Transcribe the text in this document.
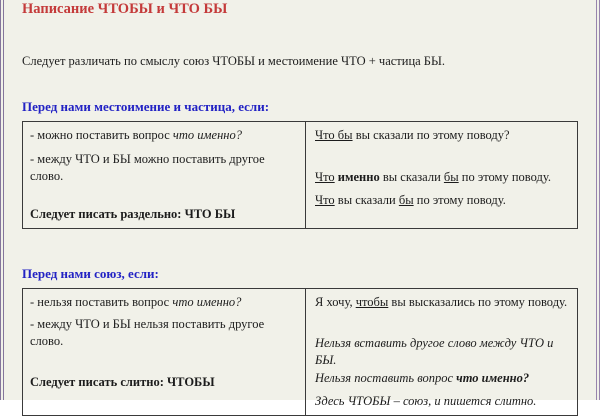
Написание ЧТОБЫ и ЧТО БЫ

Следует различать по смыслу союз ЧТОБЫ и местоимение ЧТО + частица БЫ.

Перед нами местоимение и частица, если:

- можно поставить вопрос что именно?

- между ЧТО и БЫ можно поставить другое слово.

Следует писать раздельно: ЧТО БЫ

Что бы вы сказали по этому поводу?

Что именно вы сказали бы по этому поводу.

Что вы сказали бы по этому поводу.

Перед нами союз, если:

- нельзя поставить вопрос что именно?

- между ЧТО и БЫ нельзя поставить другое слово.

Следует писать слитно: ЧТОБЫ

Я хочу, чтобы вы высказались по этому поводу.

Нельзя вставить другое слово между ЧТО и БЫ.

Нельзя поставить вопрос что именно?

Здесь ЧТОБЫ – союз, и пишется слитно.
